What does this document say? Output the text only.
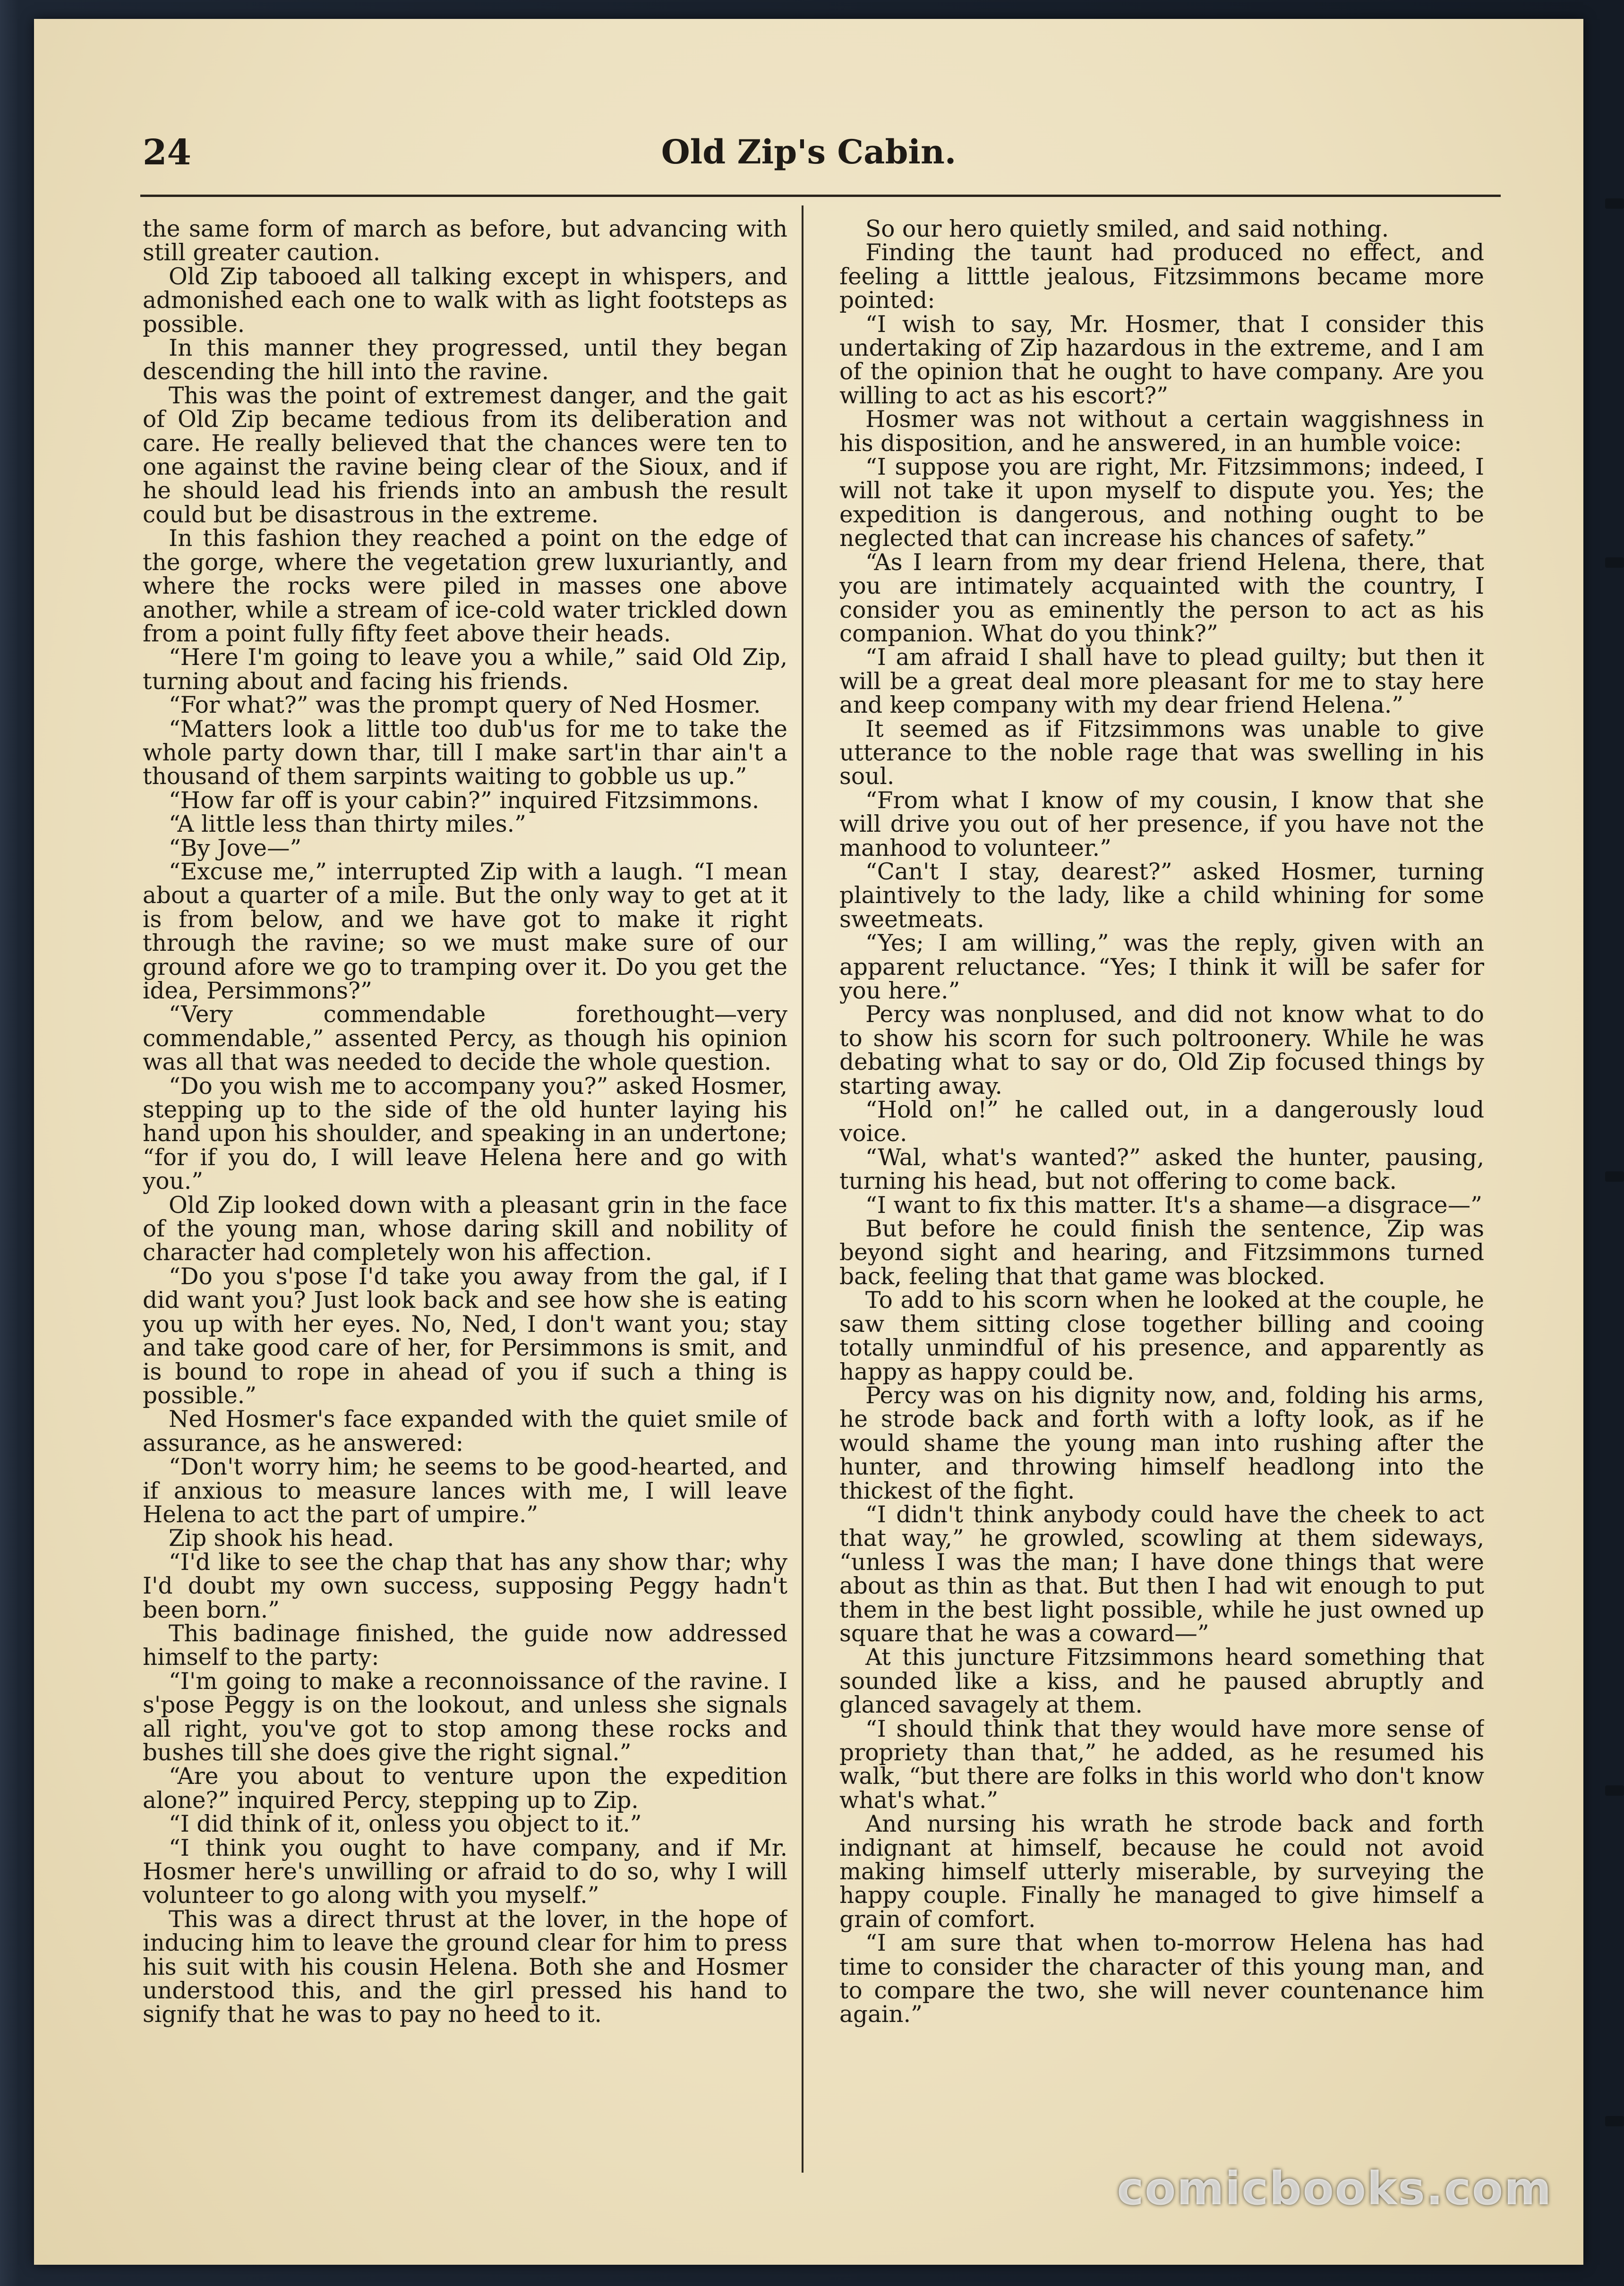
24	Old Zip's Cabin.

the same form of march as before, but advancing with still greater caution.

Old Zip tabooed all talking except in whispers, and admonished each one to walk with as light footsteps as possible.

In this manner they progressed, until they began descending the hill into the ravine.

This was the point of extremest danger, and the gait of Old Zip became tedious from its deliberation and care. He really believed that the chances were ten to one against the ravine being clear of the Sioux, and if he should lead his friends into an ambush the result could but be disastrous in the extreme.

In this fashion they reached a point on the edge of the gorge, where the vegetation grew luxuriantly, and where the rocks were piled in masses one above another, while a stream of ice-cold water trickled down from a point fully fifty feet above their heads.

“Here I'm going to leave you a while,” said Old Zip, turning about and facing his friends.

“For what?” was the prompt query of Ned Hosmer.

“Matters look a little too dub'us for me to take the whole party down thar, till I make sart'in thar ain't a thousand of them sarpints waiting to gobble us up.”

“How far off is your cabin?” inquired Fitzsimmons.

“A little less than thirty miles.”

“By Jove—”

“Excuse me,” interrupted Zip with a laugh. “I mean about a quarter of a mile. But the only way to get at it is from below, and we have got to make it right through the ravine; so we must make sure of our ground afore we go to tramping over it. Do you get the idea, Persimmons?”

“Very commendable forethought—very commendable,” assented Percy, as though his opinion was all that was needed to decide the whole question.

“Do you wish me to accompany you?” asked Hosmer, stepping up to the side of the old hunter laying his hand upon his shoulder, and speaking in an undertone; “for if you do, I will leave Helena here and go with you.”

Old Zip looked down with a pleasant grin in the face of the young man, whose daring skill and nobility of character had completely won his affection.

“Do you s'pose I'd take you away from the gal, if I did want you? Just look back and see how she is eating you up with her eyes. No, Ned, I don't want you; stay and take good care of her, for Persimmons is smit, and is bound to rope in ahead of you if such a thing is possible.”

Ned Hosmer's face expanded with the quiet smile of assurance, as he answered:

“Don't worry him; he seems to be good-hearted, and if anxious to measure lances with me, I will leave Helena to act the part of umpire.”

Zip shook his head.

“I'd like to see the chap that has any show thar; why I'd doubt my own success, supposing Peggy hadn't been born.”

This badinage finished, the guide now addressed himself to the party:

“I'm going to make a reconnoissance of the ravine. I s'pose Peggy is on the lookout, and unless she signals all right, you've got to stop among these rocks and bushes till she does give the right signal.”

“Are you about to venture upon the expedition alone?” inquired Percy, stepping up to Zip.

“I did think of it, onless you object to it.”

“I think you ought to have company, and if Mr. Hosmer here's unwilling or afraid to do so, why I will volunteer to go along with you myself.”

This was a direct thrust at the lover, in the hope of inducing him to leave the ground clear for him to press his suit with his cousin Helena. Both she and Hosmer understood this, and the girl pressed his hand to signify that he was to pay no heed to it.

So our hero quietly smiled, and said nothing.

Finding the taunt had produced no effect, and feeling a litttle jealous, Fitzsimmons became more pointed:

“I wish to say, Mr. Hosmer, that I consider this undertaking of Zip hazardous in the extreme, and I am of the opinion that he ought to have company. Are you willing to act as his escort?”

Hosmer was not without a certain waggishness in his disposition, and he answered, in an humble voice:

“I suppose you are right, Mr. Fitzsimmons; indeed, I will not take it upon myself to dispute you. Yes; the expedition is dangerous, and nothing ought to be neglected that can increase his chances of safety.”

“As I learn from my dear friend Helena, there, that you are intimately acquainted with the country, I consider you as eminently the person to act as his companion. What do you think?”

“I am afraid I shall have to plead guilty; but then it will be a great deal more pleasant for me to stay here and keep company with my dear friend Helena.”

It seemed as if Fitzsimmons was unable to give utterance to the noble rage that was swelling in his soul.

“From what I know of my cousin, I know that she will drive you out of her presence, if you have not the manhood to volunteer.”

“Can't I stay, dearest?” asked Hosmer, turning plaintively to the lady, like a child whining for some sweetmeats.

“Yes; I am willing,” was the reply, given with an apparent reluctance. “Yes; I think it will be safer for you here.”

Percy was nonplused, and did not know what to do to show his scorn for such poltroonery. While he was debating what to say or do, Old Zip focused things by starting away.

“Hold on!” he called out, in a dangerously loud voice.

“Wal, what's wanted?” asked the hunter, pausing, turning his head, but not offering to come back.

“I want to fix this matter. It's a shame—a disgrace—”

But before he could finish the sentence, Zip was beyond sight and hearing, and Fitzsimmons turned back, feeling that that game was blocked.

To add to his scorn when he looked at the couple, he saw them sitting close together billing and cooing totally unmindful of his presence, and apparently as happy as happy could be.

Percy was on his dignity now, and, folding his arms, he strode back and forth with a lofty look, as if he would shame the young man into rushing after the hunter, and throwing himself headlong into the thickest of the fight.

“I didn't think anybody could have the cheek to act that way,” he growled, scowling at them sideways, “unless I was the man; I have done things that were about as thin as that. But then I had wit enough to put them in the best light possible, while he just owned up square that he was a coward—”

At this juncture Fitzsimmons heard something that sounded like a kiss, and he paused abruptly and glanced savagely at them.

“I should think that they would have more sense of propriety than that,” he added, as he resumed his walk, “but there are folks in this world who don't know what's what.”

And nursing his wrath he strode back and forth indignant at himself, because he could not avoid making himself utterly miserable, by surveying the happy couple. Finally he managed to give himself a grain of comfort.

“I am sure that when to-morrow Helena has had time to consider the character of this young man, and to compare the two, she will never countenance him again.”

comicbooks.com
